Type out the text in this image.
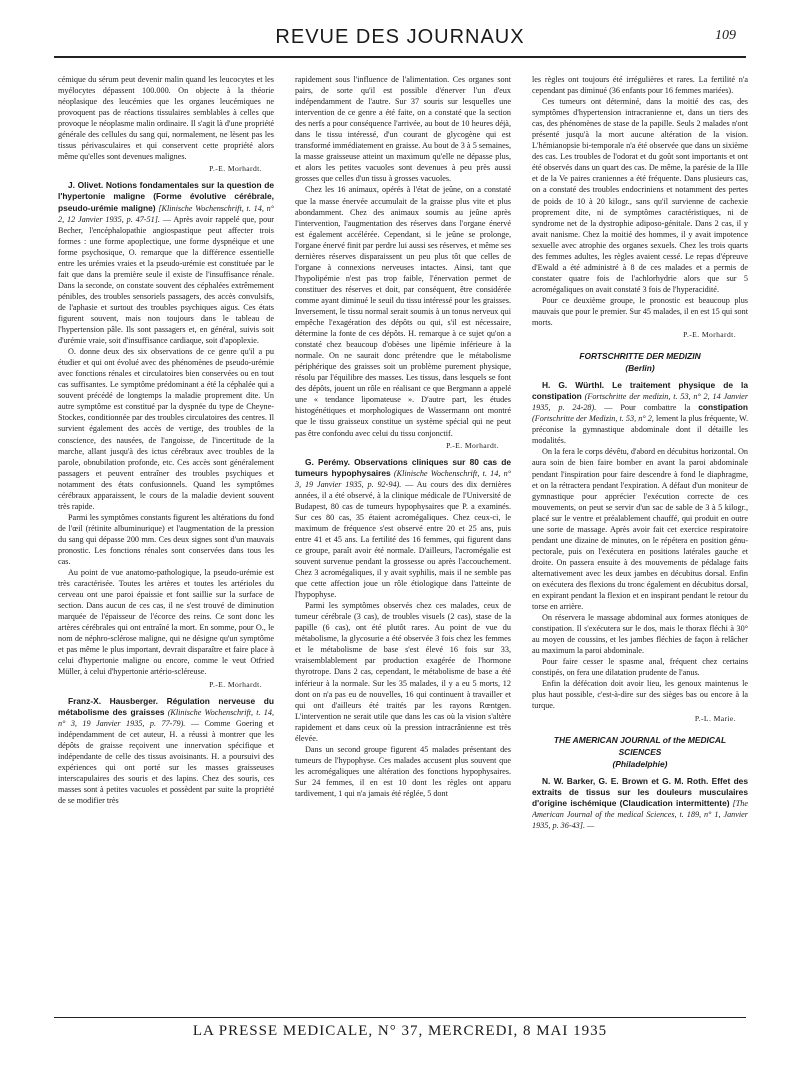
REVUE DES JOURNAUX	109

cémique du sérum peut devenir malin quand les leucocytes et les myélocytes dépassent 100.000. On objecte à la théorie néoplasique des leucémies que les organes leucémiques ne provoquent pas de réactions tissulaires semblables à celles que provoque le néoplasme malin ordinaire. Il s'agit là d'une propriété générale des cellules du sang qui, normalement, ne lèsent pas les tissus périvasculaires et qui conservent cette propriété alors même qu'elles sont devenues malignes.

P.-E. Morhardt.

J. Olivet. Notions fondamentales sur la question de l'hypertonie maligne (Forme évolutive cérébrale, pseudo-urémie maligne) [Klinische Wochenschrift, t. 14, n° 2, 12 Janvier 1935, p. 47-51]. — Après avoir rappelé que, pour Becher, l'encéphalopathie angiospastique peut affecter trois formes : une forme apoplectique, une forme dyspnéique et une forme psychosique, O. remarque que la différence essentielle entre les urémies vraies et la pseudo-urémie est constituée par le fait que dans la première seule il existe de l'insuffisance rénale. Dans la seconde, on constate souvent des céphalées extrêmement pénibles, des troubles sensoriels passagers, des accès convulsifs, de l'aphasie et surtout des troubles psychiques aigus. Ces états figurent souvent, mais non toujours dans le tableau de l'hypertension pâle. Ils sont passagers et, en général, suivis soit d'urémie vraie, soit d'insuffisance cardiaque, soit d'apoplexie.

O. donne deux des six observations de ce genre qu'il a pu étudier et qui ont évolué avec des phénomènes de pseudo-urémie avec fonctions rénales et circulatoires bien conservées ou en tout cas suffisantes. Le symptôme prédominant a été la céphalée qui a souvent précédé de longtemps la maladie proprement dite. Un autre symptôme est constitué par la dyspnée du type de Cheyne-Stockes, conditionnée par des troubles circulatoires des centres. Il survient également des accès de vertige, des troubles de la conscience, des nausées, de l'angoisse, de l'incertitude de la marche, allant jusqu'à des ictus cérébraux avec troubles de la parole, obnubilation profonde, etc. Ces accès sont généralement passagers et peuvent entraîner des troubles psychiques et notamment des états confusionnels. Quand les symptômes cérébraux apparaissent, le cours de la maladie devient souvent très rapide.

Parmi les symptômes constants figurent les altérations du fond de l'œil (rétinite albuminurique) et l'augmentation de la pression du sang qui dépasse 200 mm. Ces deux signes sont d'un mauvais pronostic. Les fonctions rénales sont conservées dans tous les cas.

Au point de vue anatomo-pathologique, la pseudo-urémie est très caractérisée. Toutes les artères et toutes les artérioles du cerveau ont une paroi épaissie et font saillie sur la surface de section. Dans aucun de ces cas, il ne s'est trouvé de diminution marquée de l'épaisseur de l'écorce des reins. Ce sont donc les artères cérébrales qui ont entraîné la mort. En somme, pour O., le nom de néphro-sclérose maligne, qui ne désigne qu'un symptôme et pas même le plus important, devrait disparaître et faire place à celui d'hypertonie maligne ou encore, comme le veut Otfried Müller, à celui d'hypertonie artério-scléreuse.

P.-E. Morhardt.

Franz-X. Hausberger. Régulation nerveuse du métabolisme des graisses (Klinische Wochenschrift, t. 14, n° 3, 19 Janvier 1935, p. 77-79). — Comme Goering et indépendamment de cet auteur, H. a réussi à montrer que les dépôts de graisse reçoivent une innervation spécifique et indépendante de celle des tissus avoisinants. H. a poursuivi des expériences qui ont porté sur les masses graisseuses interscapulaires des souris et des lapins. Chez des souris, ces masses sont à petites vacuoles et possèdent par suite la propriété de se modifier très

rapidement sous l'influence de l'alimentation. Ces organes sont pairs, de sorte qu'il est possible d'énerver l'un d'eux indépendamment de l'autre. Sur 37 souris sur lesquelles une intervention de ce genre a été faite, on a constaté que la section des nerfs a pour conséquence l'arrivée, au bout de 10 heures déjà, dans le tissu intéressé, d'un courant de glycogène qui est transformé immédiatement en graisse. Au bout de 3 à 5 semaines, la masse graisseuse atteint un maximum qu'elle ne dépasse plus, et alors les petites vacuoles sont devenues à peu près aussi grosses que celles d'un tissu à grosses vacuoles.

Chez les 16 animaux, opérés à l'état de jeûne, on a constaté que la masse énervée accumulait de la graisse plus vite et plus abondamment. Chez des animaux soumis au jeûne après l'intervention, l'augmentation des réserves dans l'organe énervé est également accélérée. Cependant, si le jeûne se prolonge, l'organe énervé finit par perdre lui aussi ses réserves, et même ses dernières réserves disparaissent un peu plus tôt que celles de l'organe à connexions nerveuses intactes. Ainsi, tant que l'hypolipémie n'est pas trop faible, l'énervation permet de constituer des réserves et doit, par conséquent, être considérée comme ayant diminué le seuil du tissu intéressé pour les graisses. Inversement, le tissu normal serait soumis à un tonus nerveux qui empêche l'exagération des dépôts ou qui, s'il est nécessaire, détermine la fonte de ces dépôts. H. remarque à ce sujet qu'on a constaté chez beaucoup d'obèses une lipémie inférieure à la normale. On ne saurait donc prétendre que le métabolisme périphérique des graisses soit un problème purement physique, résolu par l'équilibre des masses. Les tissus, dans lesquels se font des dépôts, jouent un rôle en réalisant ce que Bergmann a appelé une « tendance lipomateuse ». D'autre part, les études histogénétiques et morphologiques de Wassermann ont montré que le tissu graisseux constitue un système spécial qui ne peut pas être confondu avec celui du tissu conjonctif.

P.-E. Morhardt.

G. Perémy. Observations cliniques sur 80 cas de tumeurs hypophysaires (Klinische Wochenschrift, t. 14, n° 3, 19 Janvier 1935, p. 92-94). — Au cours des dix dernières années, il a été observé, à la clinique médicale de l'Université de Budapest, 80 cas de tumeurs hypophysaires que P. a examinés. Sur ces 80 cas, 35 étaient acromégaliques. Chez ceux-ci, le maximum de fréquence s'est observé entre 20 et 25 ans, puis entre 41 et 45 ans. La fertilité des 16 femmes, qui figurent dans ce groupe, paraît avoir été normale. D'ailleurs, l'acromégalie est souvent survenue pendant la grossesse ou après l'accouchement. Chez 3 acromégaliques, il y avait syphilis, mais il ne semble pas que cette affection joue un rôle étiologique dans l'atteinte de l'hypophyse.

Parmi les symptômes observés chez ces malades, ceux de tumeur cérébrale (3 cas), de troubles visuels (2 cas), stase de la papille (6 cas), ont été plutôt rares. Au point de vue du métabolisme, la glycosurie a été observée 3 fois chez les femmes et le métabolisme de base s'est élevé 16 fois sur 33, vraisemblablement par production exagérée de l'hormone thyrotrope. Dans 2 cas, cependant, le métabolisme de base a été inférieur à la normale. Sur les 35 malades, il y a eu 5 morts, 12 dont on n'a pas eu de nouvelles, 16 qui continuent à travailler et qui ont d'ailleurs été traités par les rayons Rœntgen. L'intervention ne serait utile que dans les cas où la vision s'altère rapidement et dans ceux où la pression intracrânienne est très élevée.

Dans un second groupe figurent 45 malades présentant des tumeurs de l'hypophyse. Ces malades accusent plus souvent que les acromégaliques une altération des fonctions hypophysaires. Sur 24 femmes, il en est 10 dont les règles ont apparu tardivement, 1 qui n'a jamais été réglée, 5 dont

les règles ont toujours été irrégulières et rares. La fertilité n'a cependant pas diminué (36 enfants pour 16 femmes mariées).

Ces tumeurs ont déterminé, dans la moitié des cas, des symptômes d'hypertension intracranienne et, dans un tiers des cas, des phénomènes de stase de la papille. Seuls 2 malades n'ont présenté jusqu'à la mort aucune altération de la vision. L'hémianopsie bi-temporale n'a été observée que dans un sixième des cas. Les troubles de l'odorat et du goût sont importants et ont été observés dans un quart des cas. De même, la parésie de la IIIe et de la Ve paires craniennes a été fréquente. Dans plusieurs cas, on a constaté des troubles endocriniens et notamment des pertes de poids de 10 à 20 kilogr., sans qu'il survienne de cachexie proprement dite, ni de symptômes caractéristiques, ni de syndrome net de la dystrophie adiposo-génitale. Dans 2 cas, il y avait nanisme. Chez la moitié des hommes, il y avait impotence sexuelle avec atrophie des organes sexuels. Chez les trois quarts des femmes adultes, les règles avaient cessé. Le repas d'épreuve d'Ewald a été administré à 8 de ces malades et a permis de constater quatre fois de l'achlorhydrie alors que sur 5 acromégaliques on avait constaté 3 fois de l'hyperacidité.

Pour ce deuxième groupe, le pronostic est beaucoup plus mauvais que pour le premier. Sur 45 malades, il en est 15 qui sont morts.

P.-E. Morhardt.
FORTSCHRITTE DER MEDIZIN
(Berlin)

H. G. Würthl. Le traitement physique de la constipation (Fortschritte der medizin, t. 53, n° 2, 14 Janvier 1935, p. 24-28). — Pour combattre la constipation (Fortschritte der Medizin, t. 53, n° 2, lement la plus fréquente, W. préconise la gymnastique abdominale dont il détaille les modalités.

On la fera le corps dévêtu, d'abord en décubitus horizontal. On aura soin de bien faire bomber en avant la paroi abdominale pendant l'inspiration pour faire descendre à fond le diaphragme, et on la rétractera pendant l'expiration. A défaut d'un moniteur de gymnastique pour apprécier l'exécution correcte de ces mouvements, on peut se servir d'un sac de sable de 3 à 5 kilogr., placé sur le ventre et préalablement chauffé, qui produit en outre une sorte de massage. Après avoir fait cet exercice respiratoire pendant une dizaine de minutes, on le répétera en position génu-pectorale, puis on l'exécutera en positions latérales gauche et droite. On passera ensuite à des mouvements de pédalage faits alternativement avec les deux jambes en décubitus dorsal. Enfin on exécutera des flexions du tronc également en décubitus dorsal, en expirant pendant la flexion et en inspirant pendant le retour du torse en arrière.

On réservera le massage abdominal aux formes atoniques de constipation. Il s'exécutera sur le dos, mais le thorax fléchi à 30° au moyen de coussins, et les jambes fléchies de façon à relâcher au maximum la paroi abdominale.

Pour faire cesser le spasme anal, fréquent chez certains constipés, on fera une dilatation prudente de l'anus.

Enfin la défécation doit avoir lieu, les genoux maintenus le plus haut possible, c'est-à-dire sur des sièges bas ou encore à la turque.

P.-L. Marie.
THE AMERICAN JOURNAL of the MEDICAL SCIENCES
(Philadelphie)

N. W. Barker, G. E. Brown et G. M. Roth. Effet des extraits de tissus sur les douleurs musculaires d'origine ischémique (Claudication intermittente) [The American Journal of the medical Sciences, t. 189, n° 1, Janvier 1935, p. 36-43]. —

LA PRESSE MEDICALE, N° 37, MERCREDI, 8 MAI 1935
